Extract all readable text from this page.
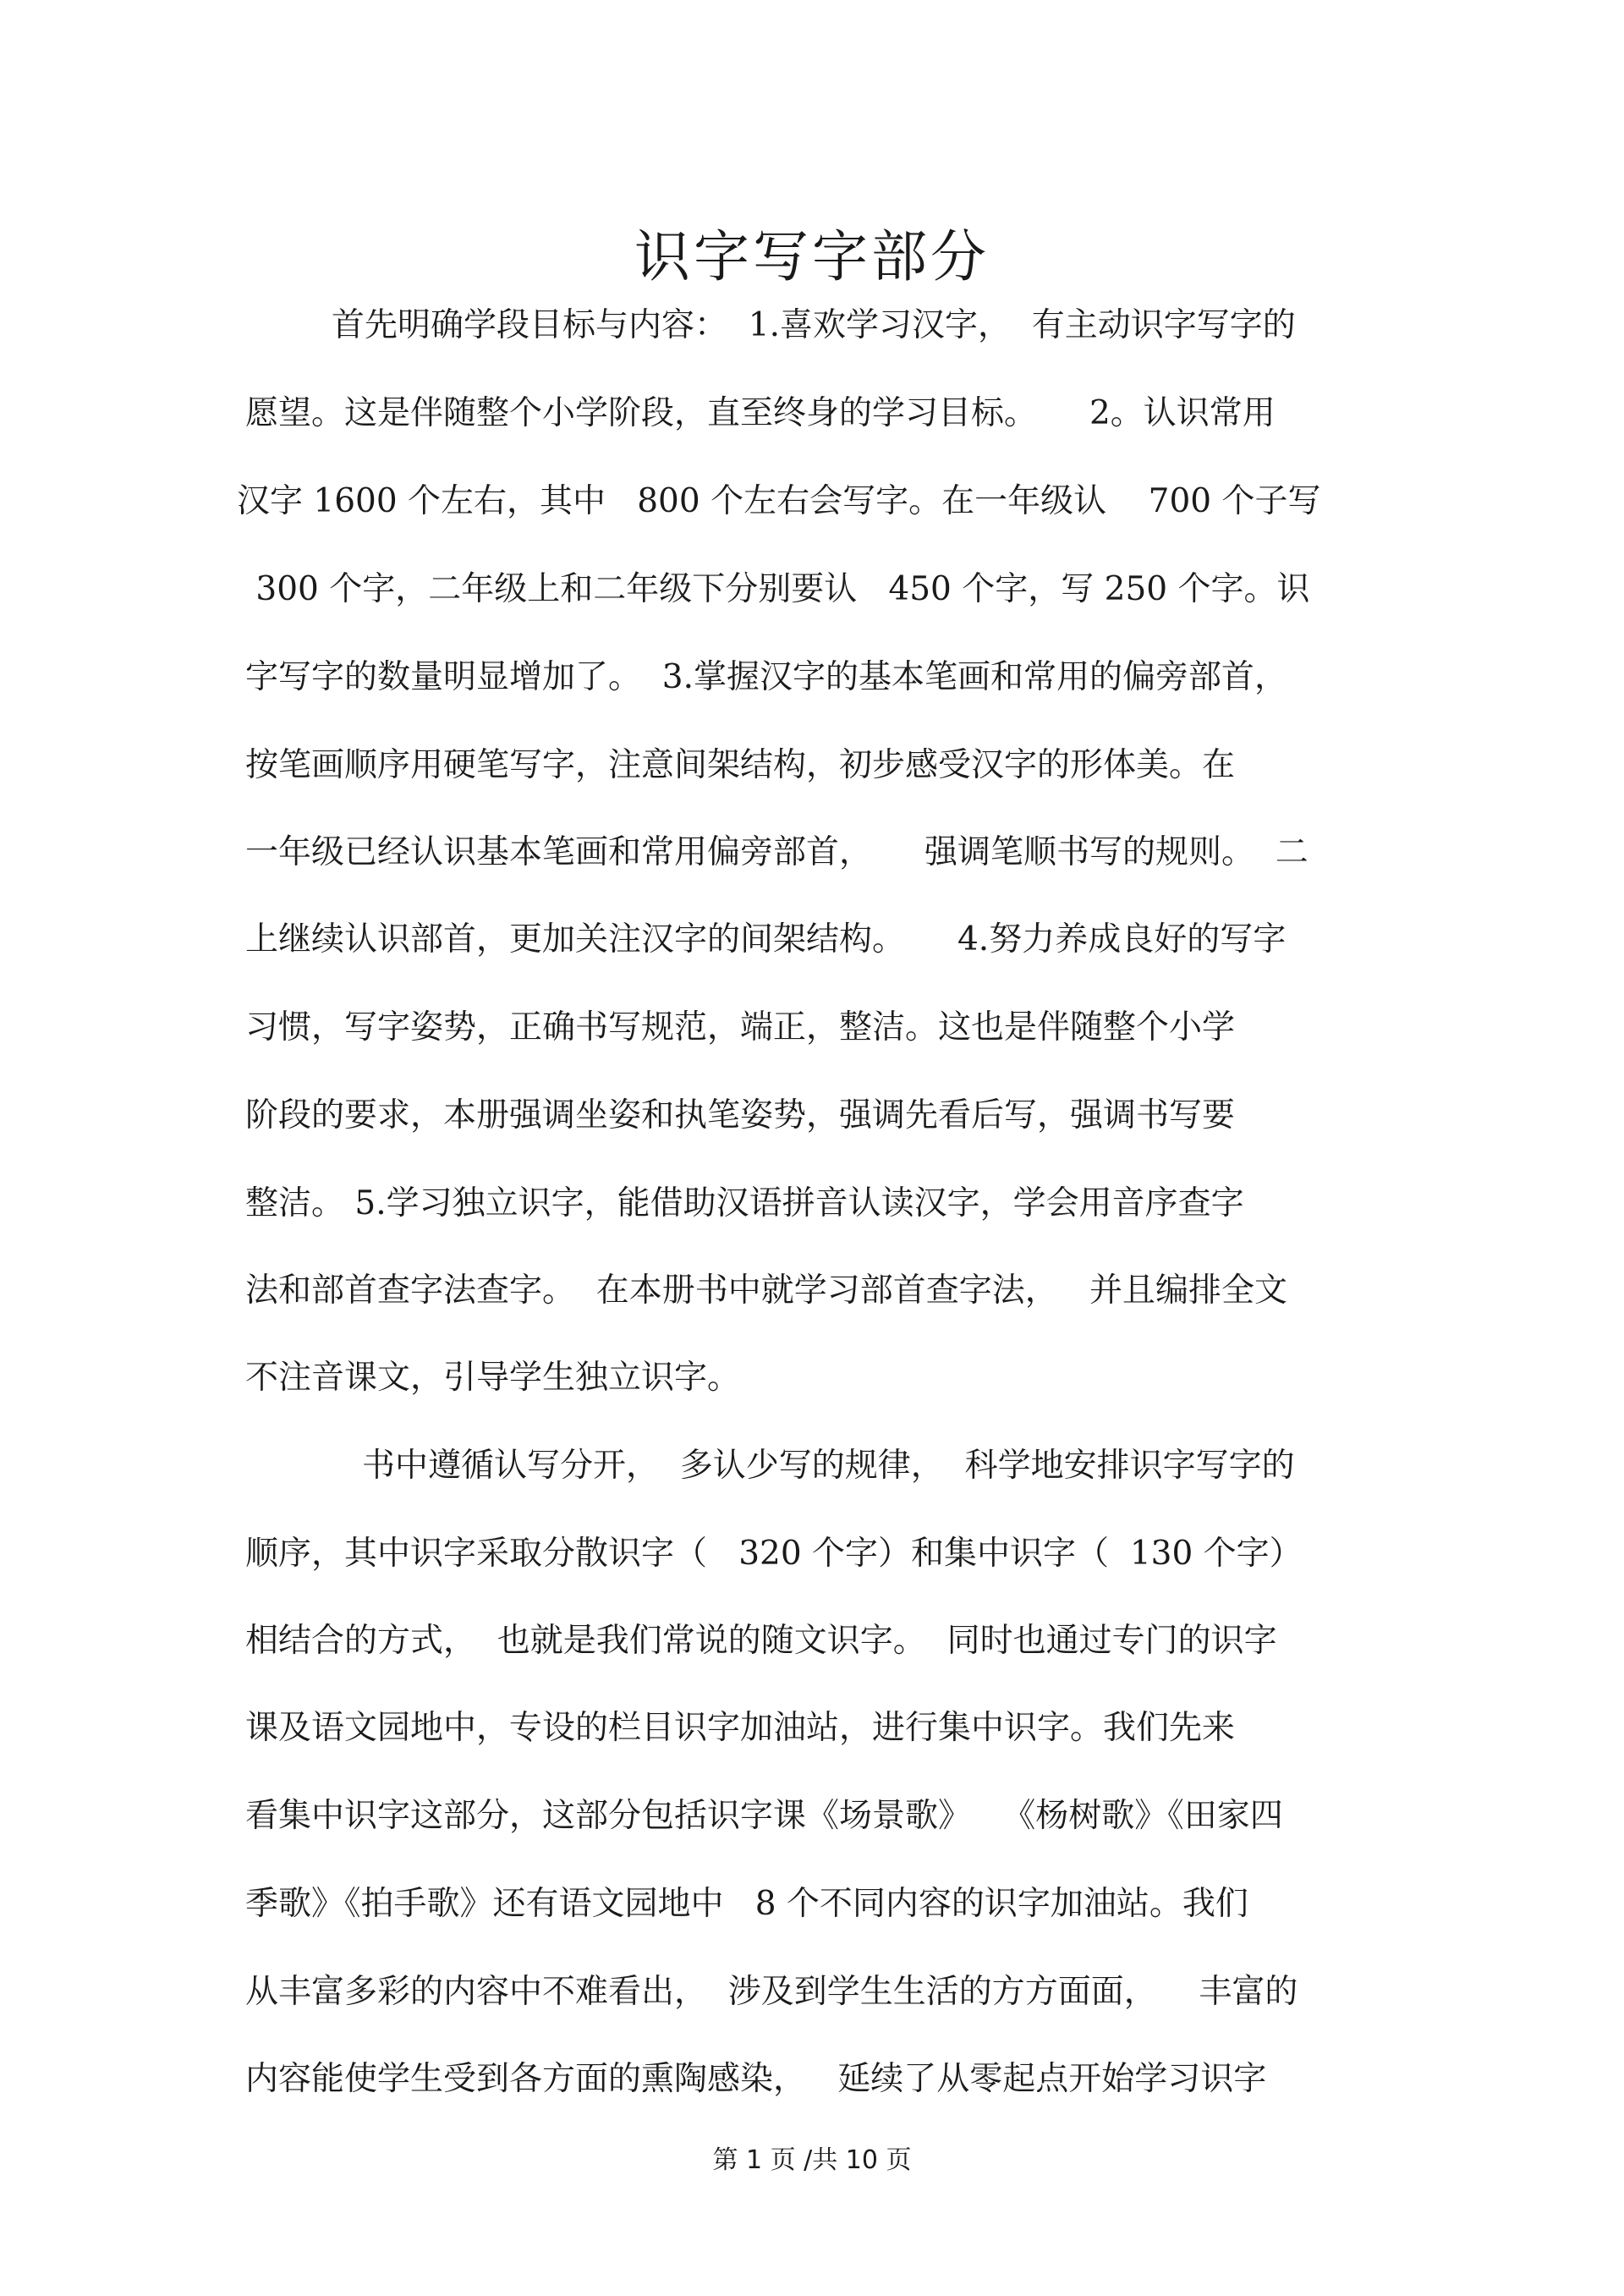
识字写字部分
首先明确学段目标与内容：  1.喜欢学习汉字，  有主动识字写字的
愿望。这是伴随整个小学阶段，直至终身的学习目标。     2。认识常用
汉字 1600 个左右，其中   800 个左右会写字。在一年级认    700 个子写
300 个字，二年级上和二年级下分别要认   450 个字，写 250 个字。识
字写字的数量明显增加了。  3.掌握汉字的基本笔画和常用的偏旁部首，
按笔画顺序用硬笔写字，注意间架结构，初步感受汉字的形体美。在
一年级已经认识基本笔画和常用偏旁部首，     强调笔顺书写的规则。  二
上继续认识部首，更加关注汉字的间架结构。     4.努力养成良好的写字
习惯，写字姿势，正确书写规范，端正，整洁。这也是伴随整个小学
阶段的要求，本册强调坐姿和执笔姿势，强调先看后写，强调书写要
整洁。 5.学习独立识字，能借助汉语拼音认读汉字，学会用音序查字
法和部首查字法查字。  在本册书中就学习部首查字法，   并且编排全文
不注音课文，引导学生独立识字。
书中遵循认写分开，  多认少写的规律，  科学地安排识字写字的
顺序，其中识字采取分散识字（   320 个字）和集中识字（  130 个字）
相结合的方式，  也就是我们常说的随文识字。  同时也通过专门的识字
课及语文园地中，专设的栏目识字加油站，进行集中识字。我们先来
看集中识字这部分，这部分包括识字课《场景歌》   《杨树歌》《田家四
季歌》《拍手歌》还有语文园地中   8 个不同内容的识字加油站。我们
从丰富多彩的内容中不难看出，  涉及到学生生活的方方面面，    丰富的
内容能使学生受到各方面的熏陶感染，   延续了从零起点开始学习识字
第 1 页 /共 10 页
